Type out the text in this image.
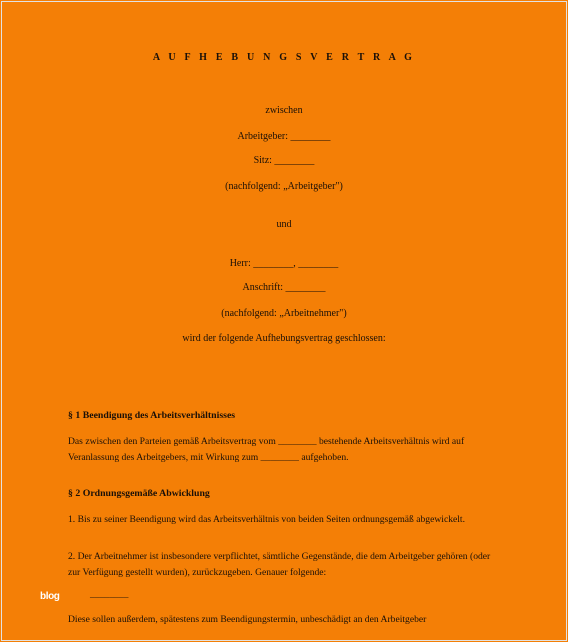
A U F H E B U N G S V E R T R A G
zwischen
Arbeitgeber: ________
Sitz: ________
(nachfolgend: „Arbeitgeber")
und
Herr: ________, ________
Anschrift: ________
(nachfolgend: „Arbeitnehmer")
wird der folgende Aufhebungsvertrag geschlossen:
§ 1 Beendigung des Arbeitsverhältnisses
Das zwischen den Parteien gemäß Arbeitsvertrag vom ________ bestehende Arbeitsverhältnis wird auf Veranlassung des Arbeitgebers, mit Wirkung zum ________ aufgehoben.
§ 2 Ordnungsgemäße Abwicklung
1. Bis zu seiner Beendigung wird das Arbeitsverhältnis von beiden Seiten ordnungsgemäß abgewickelt.
2. Der Arbeitnehmer ist insbesondere verpflichtet, sämtliche Gegenstände, die dem Arbeitgeber gehören (oder zur Verfügung gestellt wurden), zurückzugeben. Genauer folgende:
________
Diese sollen außerdem, spätestens zum Beendigungstermin, unbeschädigt an den Arbeitgeber
blog
